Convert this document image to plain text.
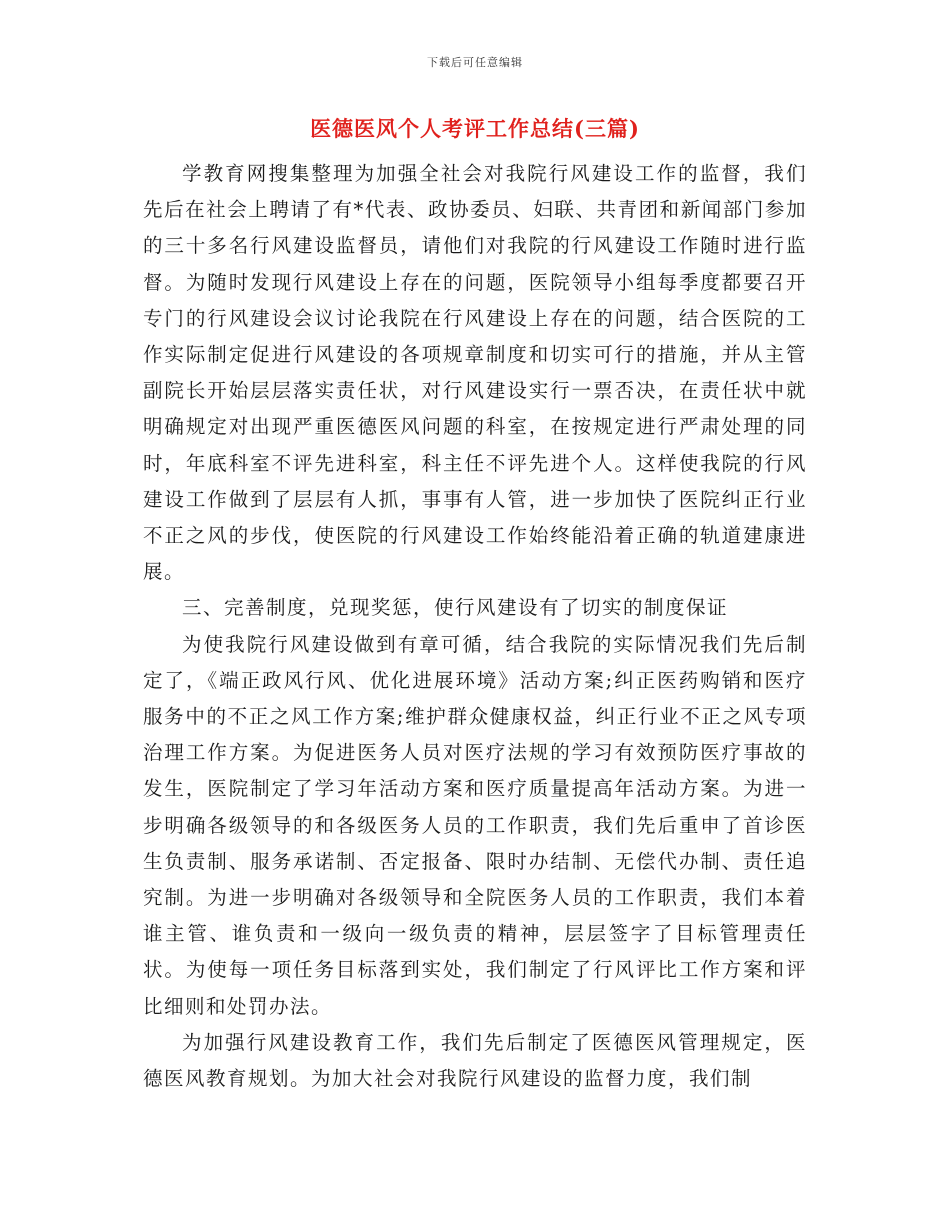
下载后可任意编辑
医德医风个人考评工作总结(三篇)

学教育网搜集整理为加强全社会对我院行风建设工作的监督，我们先后在社会上聘请了有*代表、政协委员、妇联、共青团和新闻部门参加的三十多名行风建设监督员，请他们对我院的行风建设工作随时进行监督。为随时发现行风建设上存在的问题，医院领导小组每季度都要召开专门的行风建设会议讨论我院在行风建设上存在的问题，结合医院的工作实际制定促进行风建设的各项规章制度和切实可行的措施，并从主管副院长开始层层落实责任状，对行风建设实行一票否决，在责任状中就明确规定对出现严重医德医风问题的科室，在按规定进行严肃处理的同时，年底科室不评先进科室，科主任不评先进个人。这样使我院的行风建设工作做到了层层有人抓，事事有人管，进一步加快了医院纠正行业不正之风的步伐，使医院的行风建设工作始终能沿着正确的轨道建康进展。

三、完善制度，兑现奖惩，使行风建设有了切实的制度保证

为使我院行风建设做到有章可循，结合我院的实际情况我们先后制定了，《端正政风行风、优化进展环境》活动方案;纠正医药购销和医疗服务中的不正之风工作方案;维护群众健康权益，纠正行业不正之风专项治理工作方案。为促进医务人员对医疗法规的学习有效预防医疗事故的发生，医院制定了学习年活动方案和医疗质量提高年活动方案。为进一步明确各级领导的和各级医务人员的工作职责，我们先后重申了首诊医生负责制、服务承诺制、否定报备、限时办结制、无偿代办制、责任追究制。为进一步明确对各级领导和全院医务人员的工作职责，我们本着谁主管、谁负责和一级向一级负责的精神，层层签字了目标管理责任状。为使每一项任务目标落到实处，我们制定了行风评比工作方案和评比细则和处罚办法。

为加强行风建设教育工作，我们先后制定了医德医风管理规定，医德医风教育规划。为加大社会对我院行风建设的监督力度，我们制
